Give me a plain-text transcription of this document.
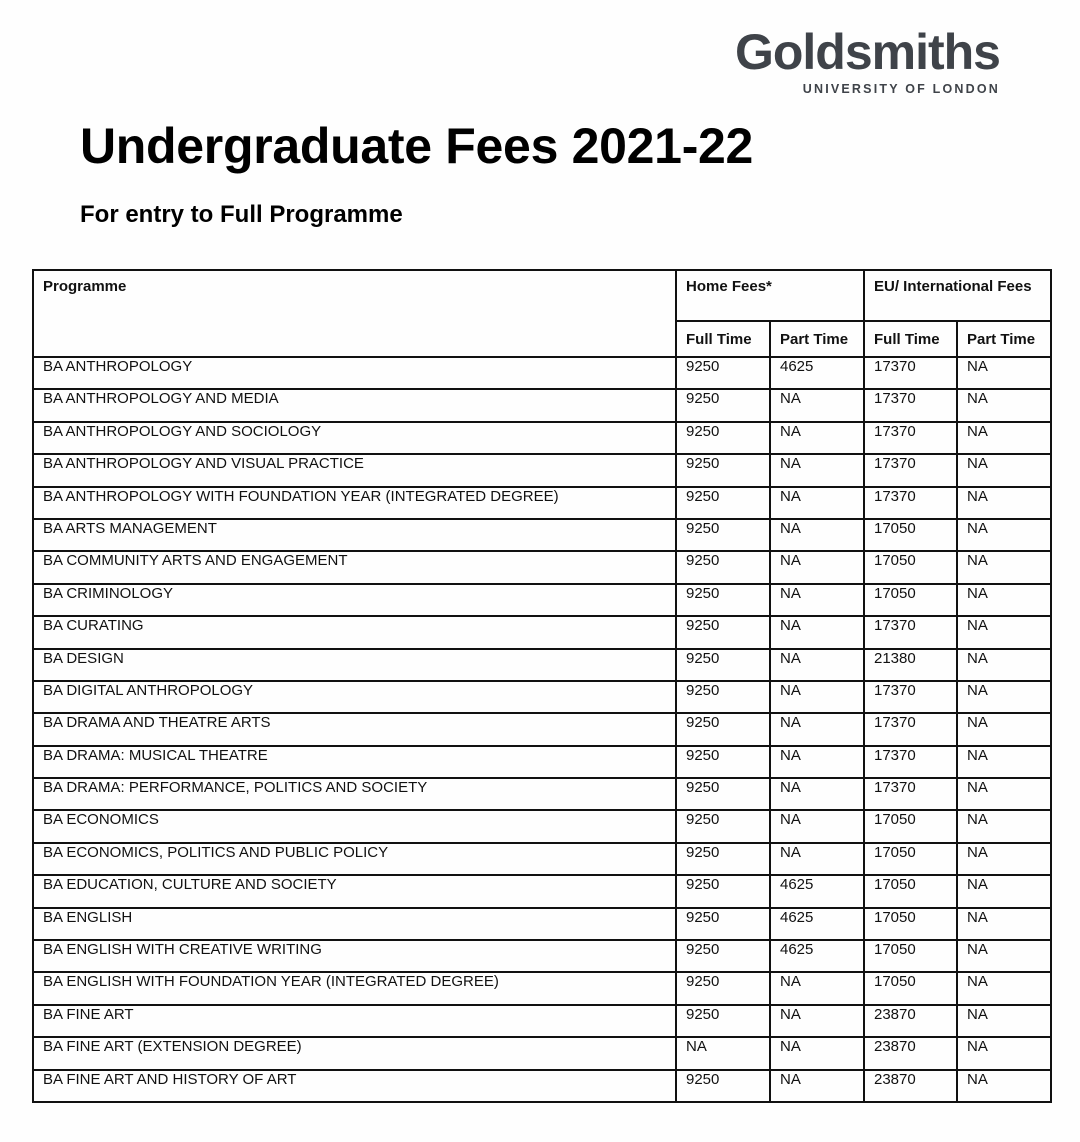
Goldsmiths
UNIVERSITY OF LONDON
Undergraduate Fees 2021-22
For entry to Full Programme
Programme	Home Fees*		EU/ International Fees	
	Full Time	Part Time	Full Time	Part Time
BA ANTHROPOLOGY	9250	4625	17370	NA
BA ANTHROPOLOGY AND MEDIA	9250	NA	17370	NA
BA ANTHROPOLOGY AND SOCIOLOGY	9250	NA	17370	NA
BA ANTHROPOLOGY AND VISUAL PRACTICE	9250	NA	17370	NA
BA ANTHROPOLOGY WITH FOUNDATION YEAR (INTEGRATED DEGREE)	9250	NA	17370	NA
BA ARTS MANAGEMENT	9250	NA	17050	NA
BA COMMUNITY ARTS AND ENGAGEMENT	9250	NA	17050	NA
BA CRIMINOLOGY	9250	NA	17050	NA
BA CURATING	9250	NA	17370	NA
BA DESIGN	9250	NA	21380	NA
BA DIGITAL ANTHROPOLOGY	9250	NA	17370	NA
BA DRAMA AND THEATRE ARTS	9250	NA	17370	NA
BA DRAMA: MUSICAL THEATRE	9250	NA	17370	NA
BA DRAMA: PERFORMANCE, POLITICS AND SOCIETY	9250	NA	17370	NA
BA ECONOMICS	9250	NA	17050	NA
BA ECONOMICS, POLITICS AND PUBLIC POLICY	9250	NA	17050	NA
BA EDUCATION, CULTURE AND SOCIETY	9250	4625	17050	NA
BA ENGLISH	9250	4625	17050	NA
BA ENGLISH WITH CREATIVE WRITING	9250	4625	17050	NA
BA ENGLISH WITH FOUNDATION YEAR (INTEGRATED DEGREE)	9250	NA	17050	NA
BA FINE ART	9250	NA	23870	NA
BA FINE ART (EXTENSION DEGREE)	NA	NA	23870	NA
BA FINE ART AND HISTORY OF ART	9250	NA	23870	NA
